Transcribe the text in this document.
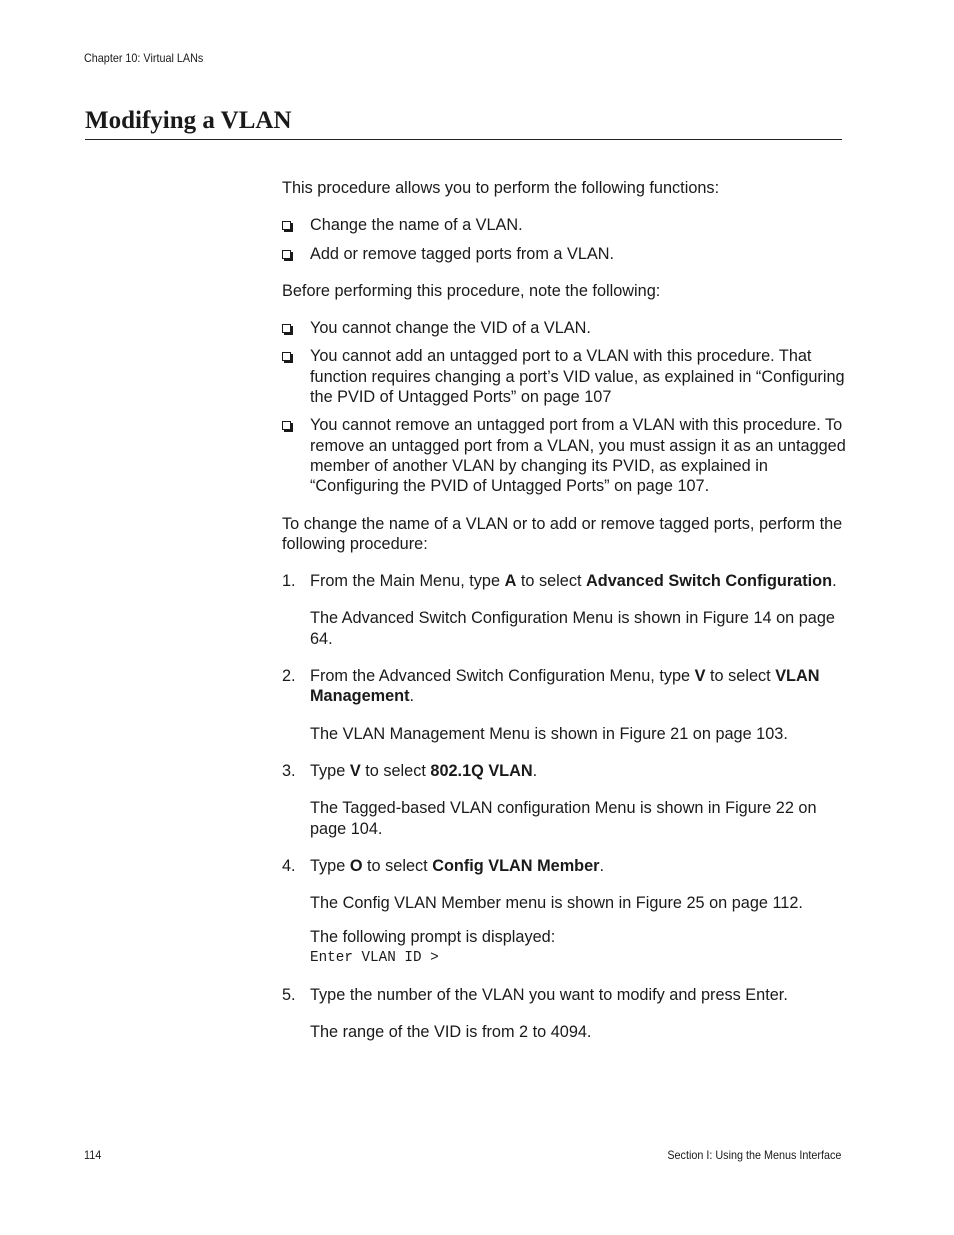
Chapter 10: Virtual LANs
Modifying a VLAN

This procedure allows you to perform the following functions:

Change the name of a VLAN.
Add or remove tagged ports from a VLAN.

Before performing this procedure, note the following:

You cannot change the VID of a VLAN.
You cannot add an untagged port to a VLAN with this procedure. That function requires changing a port’s VID value, as explained in “Configuring the PVID of Untagged Ports” on page 107
You cannot remove an untagged port from a VLAN with this procedure. To remove an untagged port from a VLAN, you must assign it as an untagged member of another VLAN by changing its PVID, as explained in “Configuring the PVID of Untagged Ports” on page 107.

To change the name of a VLAN or to add or remove tagged ports, perform the following procedure:

1. From the Main Menu, type A to select Advanced Switch Configuration.

The Advanced Switch Configuration Menu is shown in Figure 14 on page 64.

2. From the Advanced Switch Configuration Menu, type V to select VLAN Management.

The VLAN Management Menu is shown in Figure 21 on page 103.

3. Type V to select 802.1Q VLAN.

The Tagged-based VLAN configuration Menu is shown in Figure 22 on page 104.

4. Type O to select Config VLAN Member.

The Config VLAN Member menu is shown in Figure 25 on page 112.

The following prompt is displayed:

Enter VLAN ID >

5. Type the number of the VLAN you want to modify and press Enter.

The range of the VID is from 2 to 4094.

114	Section I: Using the Menus Interface
